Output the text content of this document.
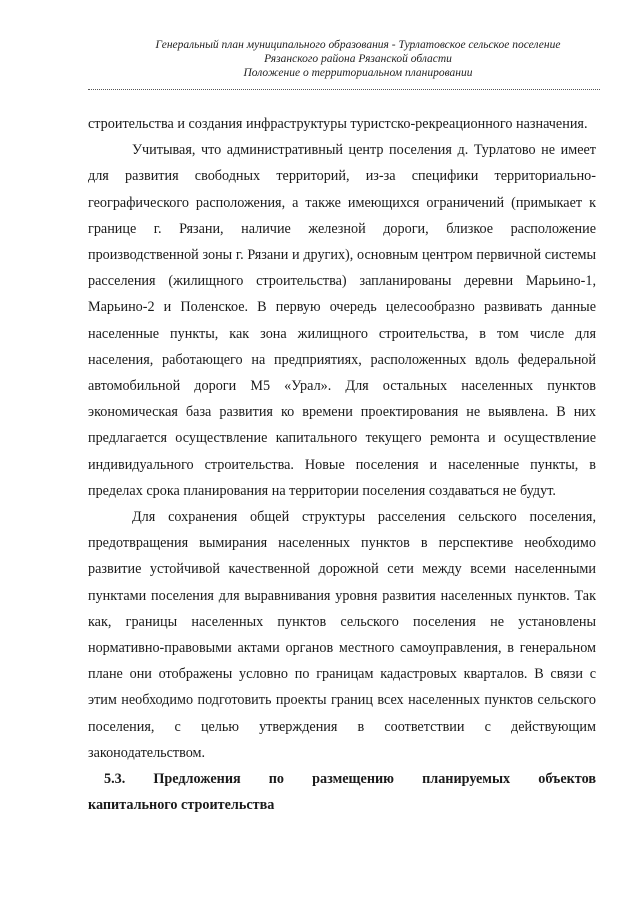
Генеральный план муниципального образования - Турлатовское сельское поселение
Рязанского района Рязанской области
Положение о территориальном планировании

строительства и создания инфраструктуры туристско-рекреационного назначения.

Учитывая, что административный центр поселения д. Турлатово не имеет для развития свободных территорий, из-за специфики территориально-географического расположения, а также имеющихся ограничений (примыкает к границе г. Рязани, наличие железной дороги, близкое расположение производственной зоны г. Рязани и других), основным центром первичной системы расселения (жилищного строительства) запланированы деревни Марьино-1, Марьино-2 и Поленское. В первую очередь целесообразно развивать данные населенные пункты, как зона жилищного строительства, в том числе для населения, работающего на предприятиях, расположенных вдоль федеральной автомобильной дороги М5 «Урал». Для остальных населенных пунктов экономическая база развития ко времени проектирования не выявлена. В них предлагается осуществление капитального текущего ремонта и осуществление индивидуального строительства. Новые поселения и населенные пункты, в пределах срока планирования на территории поселения создаваться не будут.

Для сохранения общей структуры расселения сельского поселения, предотвращения вымирания населенных пунктов в перспективе необходимо развитие устойчивой качественной дорожной сети между всеми населенными пунктами поселения для выравнивания уровня развития населенных пунктов. Так как, границы населенных пунктов сельского поселения не установлены нормативно-правовыми актами органов местного самоуправления, в генеральном плане они отображены условно по границам кадастровых кварталов. В связи с этим необходимо подготовить проекты границ всех населенных пунктов сельского поселения, с целью утверждения в соответствии с действующим законодательством.

5.3. Предложения по размещению планируемых объектов
капитального строительства
